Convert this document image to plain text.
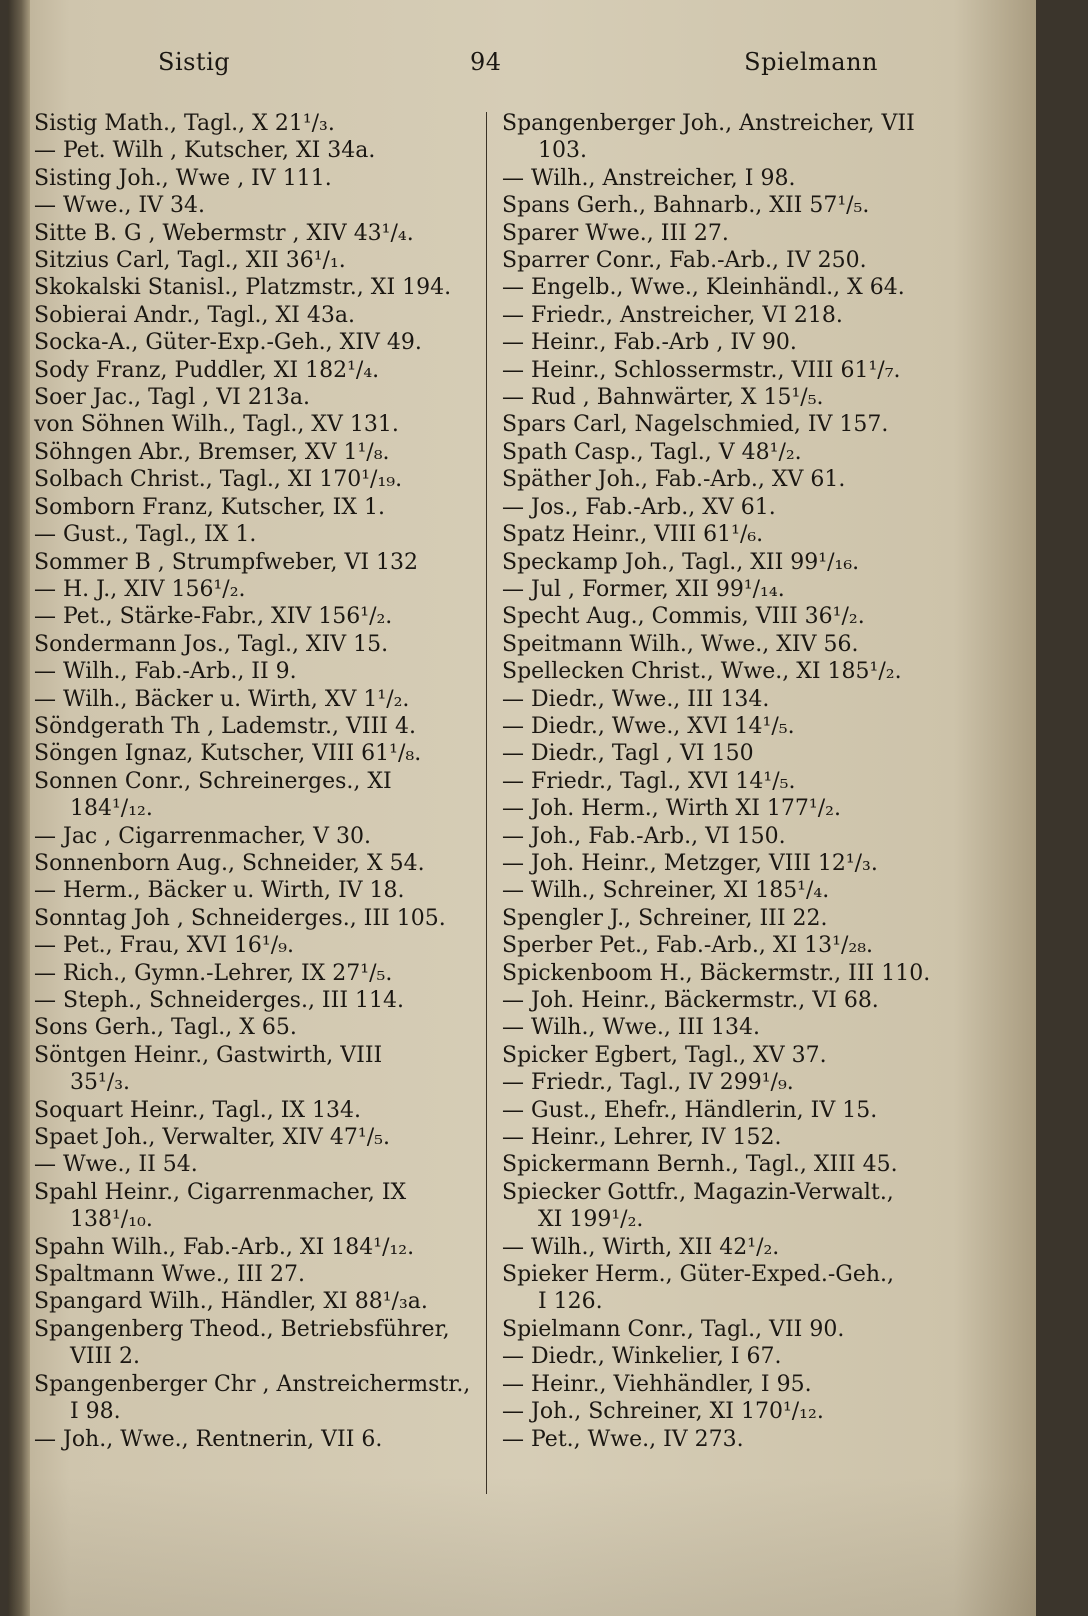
Sistig	94	Spielmann
Sistig Math., Tagl., X 21¹/₃.
— Pet. Wilh , Kutscher, XI 34a.
Sisting Joh., Wwe , IV 111.
— Wwe., IV 34.
Sitte B. G , Webermstr , XIV 43¹/₄.
Sitzius Carl, Tagl., XII 36¹/₁.
Skokalski Stanisl., Platzmstr., XI 194.
Sobierai Andr., Tagl., XI 43a.
Socka-A., Güter-Exp.-Geh., XIV 49.
Sody Franz, Puddler, XI 182¹/₄.
Soer Jac., Tagl , VI 213a.
von Söhnen Wilh., Tagl., XV 131.
Söhngen Abr., Bremser, XV 1¹/₈.
Solbach Christ., Tagl., XI 170¹/₁₉.
Somborn Franz, Kutscher, IX 1.
— Gust., Tagl., IX 1.
Sommer B , Strumpfweber, VI 132
— H. J., XIV 156¹/₂.
— Pet., Stärke-Fabr., XIV 156¹/₂.
Sondermann Jos., Tagl., XIV 15.
— Wilh., Fab.-Arb., II 9.
— Wilh., Bäcker u. Wirth, XV 1¹/₂.
Söndgerath Th , Lademstr., VIII 4.
Söngen Ignaz, Kutscher, VIII 61¹/₈.
Sonnen Conr., Schreinerges., XI
184¹/₁₂.
— Jac , Cigarrenmacher, V 30.
Sonnenborn Aug., Schneider, X 54.
— Herm., Bäcker u. Wirth, IV 18.
Sonntag Joh , Schneiderges., III 105.
— Pet., Frau, XVI 16¹/₉.
— Rich., Gymn.-Lehrer, IX 27¹/₅.
— Steph., Schneiderges., III 114.
Sons Gerh., Tagl., X 65.
Söntgen Heinr., Gastwirth, VIII
35¹/₃.
Soquart Heinr., Tagl., IX 134.
Spaet Joh., Verwalter, XIV 47¹/₅.
— Wwe., II 54.
Spahl Heinr., Cigarrenmacher, IX
138¹/₁₀.
Spahn Wilh., Fab.-Arb., XI 184¹/₁₂.
Spaltmann Wwe., III 27.
Spangard Wilh., Händler, XI 88¹/₃a.
Spangenberg Theod., Betriebsführer,
VIII 2.
Spangenberger Chr , Anstreichermstr.,
I 98.
— Joh., Wwe., Rentnerin, VII 6.
Spangenberger Joh., Anstreicher, VII
103.
— Wilh., Anstreicher, I 98.
Spans Gerh., Bahnarb., XII 57¹/₅.
Sparer Wwe., III 27.
Sparrer Conr., Fab.-Arb., IV 250.
— Engelb., Wwe., Kleinhändl., X 64.
— Friedr., Anstreicher, VI 218.
— Heinr., Fab.-Arb , IV 90.
— Heinr., Schlossermstr., VIII 61¹/₇.
— Rud , Bahnwärter, X 15¹/₅.
Spars Carl, Nagelschmied, IV 157.
Spath Casp., Tagl., V 48¹/₂.
Späther Joh., Fab.-Arb., XV 61.
— Jos., Fab.-Arb., XV 61.
Spatz Heinr., VIII 61¹/₆.
Speckamp Joh., Tagl., XII 99¹/₁₆.
— Jul , Former, XII 99¹/₁₄.
Specht Aug., Commis, VIII 36¹/₂.
Speitmann Wilh., Wwe., XIV 56.
Spellecken Christ., Wwe., XI 185¹/₂.
— Diedr., Wwe., III 134.
— Diedr., Wwe., XVI 14¹/₅.
— Diedr., Tagl , VI 150
— Friedr., Tagl., XVI 14¹/₅.
— Joh. Herm., Wirth XI 177¹/₂.
— Joh., Fab.-Arb., VI 150.
— Joh. Heinr., Metzger, VIII 12¹/₃.
— Wilh., Schreiner, XI 185¹/₄.
Spengler J., Schreiner, III 22.
Sperber Pet., Fab.-Arb., XI 13¹/₂₈.
Spickenboom H., Bäckermstr., III 110.
— Joh. Heinr., Bäckermstr., VI 68.
— Wilh., Wwe., III 134.
Spicker Egbert, Tagl., XV 37.
— Friedr., Tagl., IV 299¹/₉.
— Gust., Ehefr., Händlerin, IV 15.
— Heinr., Lehrer, IV 152.
Spickermann Bernh., Tagl., XIII 45.
Spiecker Gottfr., Magazin-Verwalt.,
XI 199¹/₂.
— Wilh., Wirth, XII 42¹/₂.
Spieker Herm., Güter-Exped.-Geh.,
I 126.
Spielmann Conr., Tagl., VII 90.
— Diedr., Winkelier, I 67.
— Heinr., Viehhändler, I 95.
— Joh., Schreiner, XI 170¹/₁₂.
— Pet., Wwe., IV 273.
